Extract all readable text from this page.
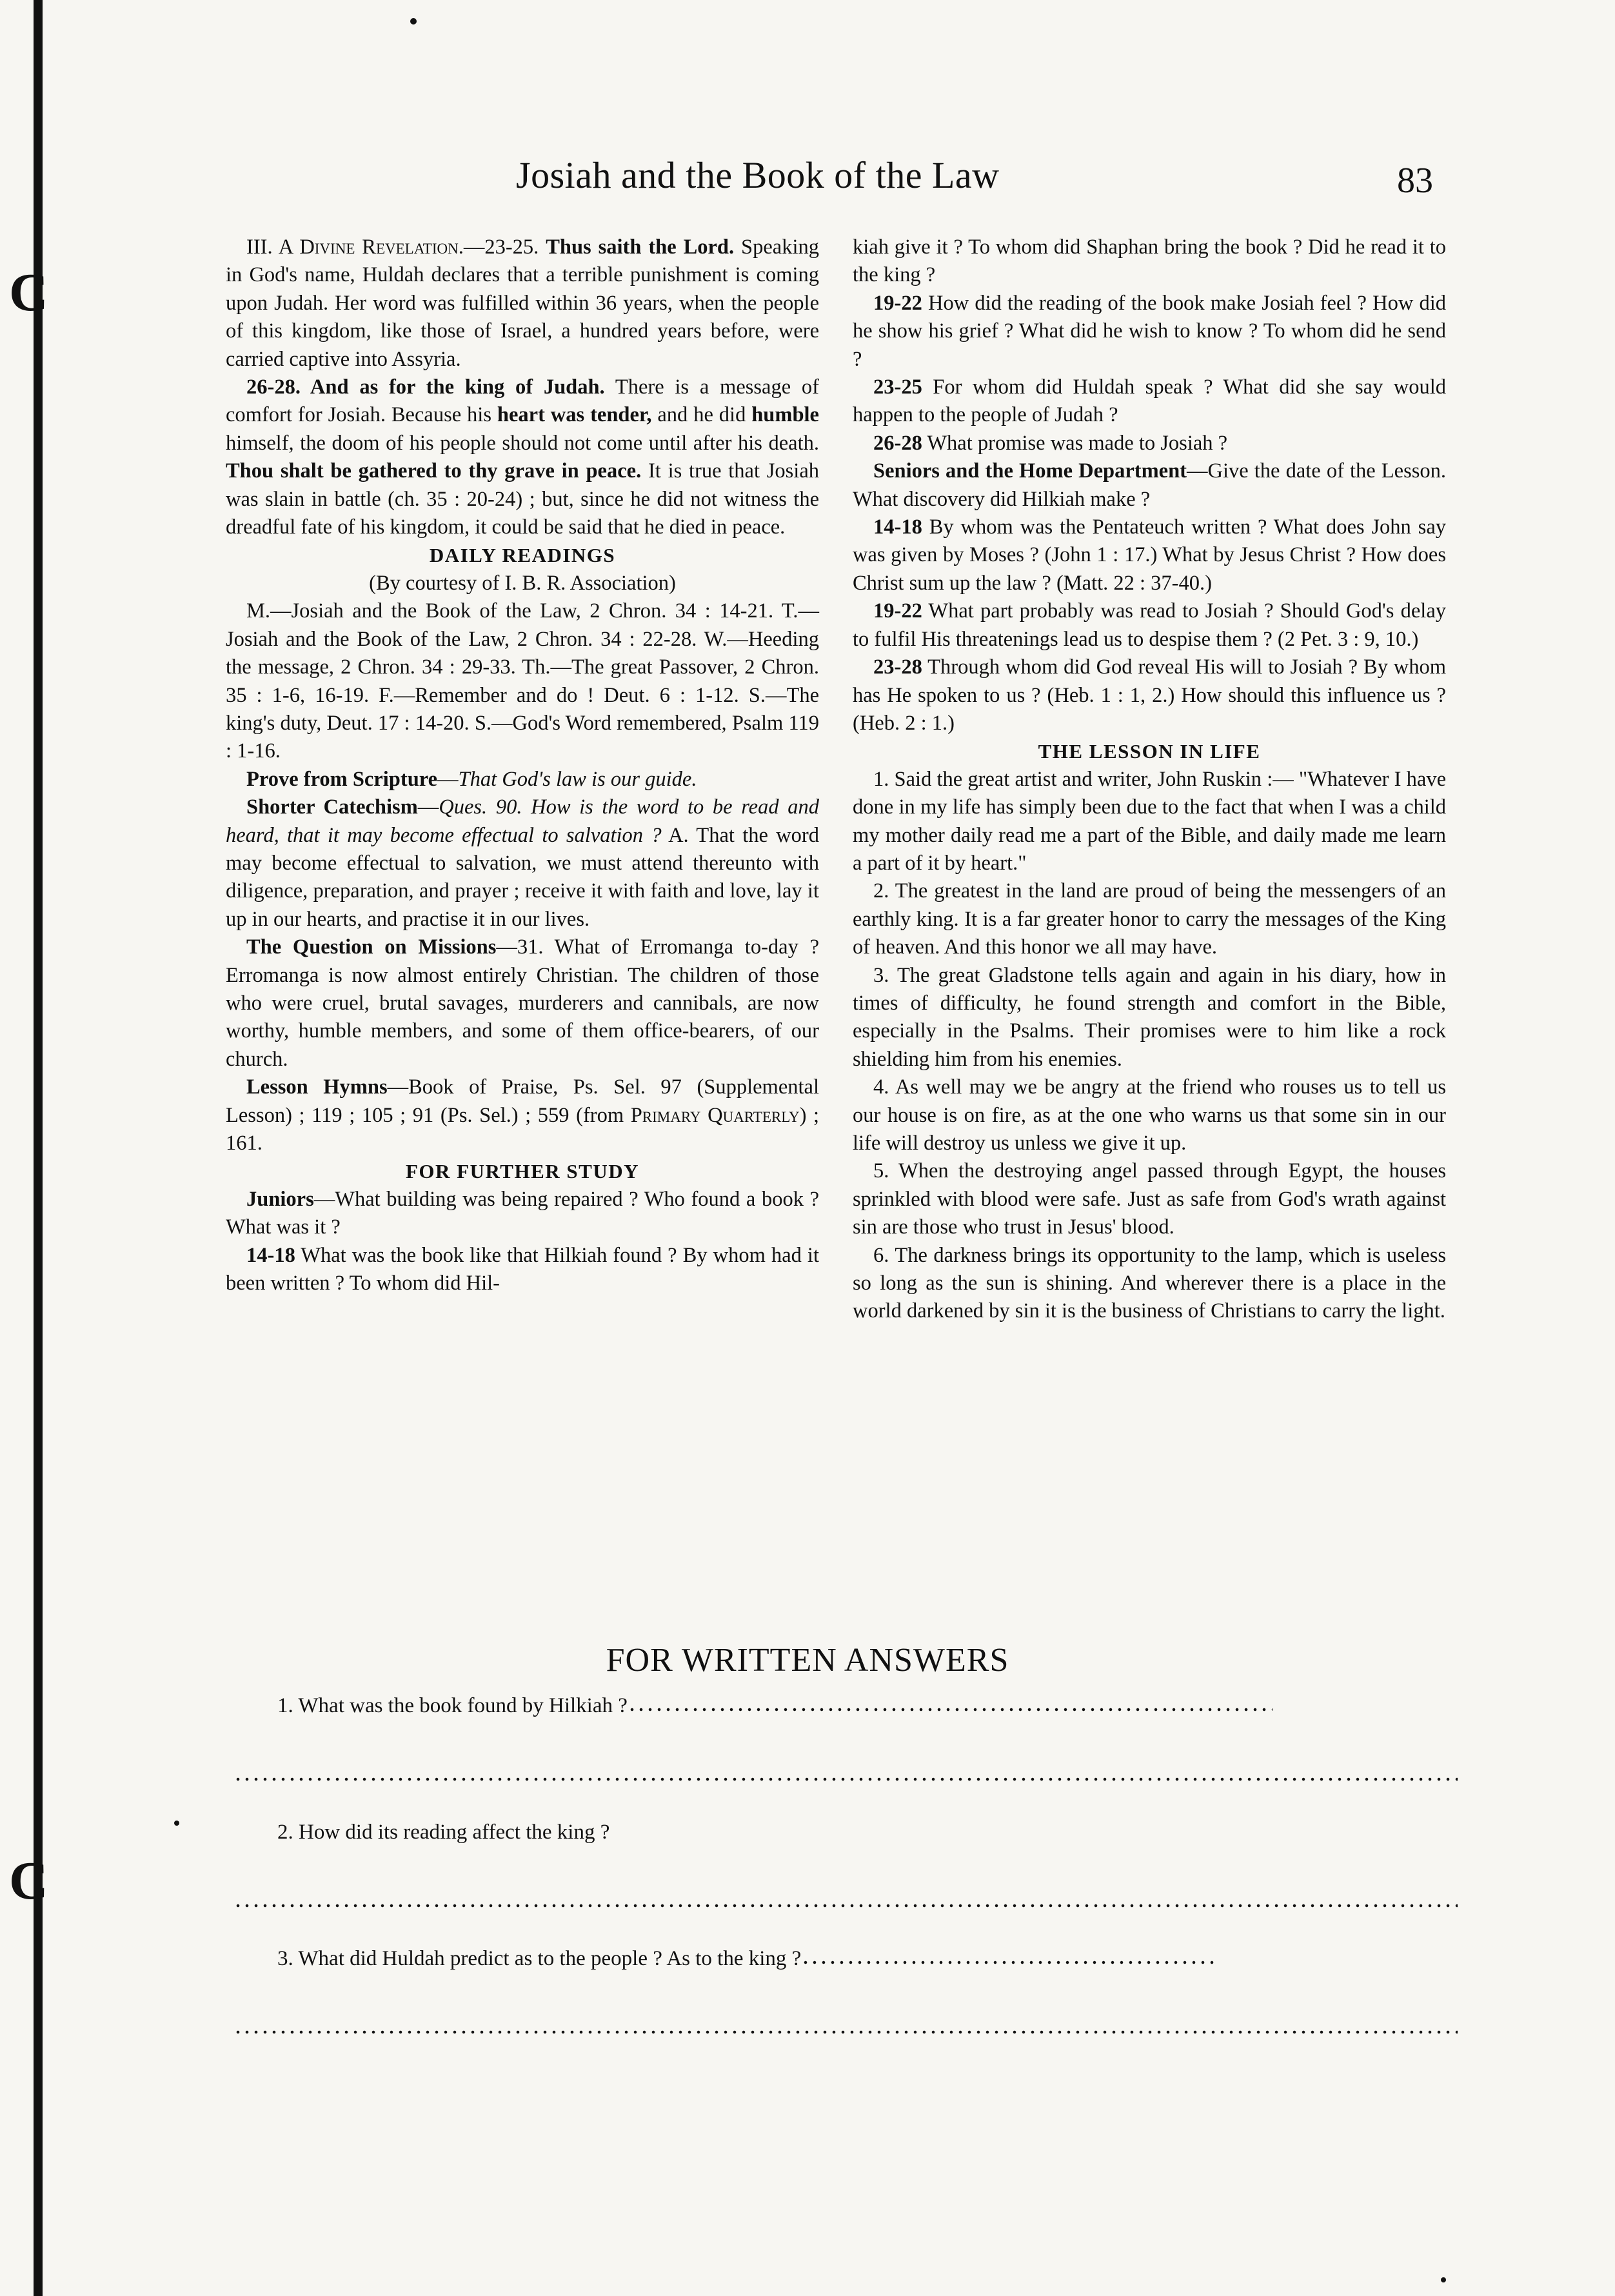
C
C
Josiah and the Book of the Law	83

III. A Divine Revelation.—23-25. Thus saith the Lord. Speaking in God's name, Huldah declares that a terrible punishment is coming upon Judah. Her word was fulfilled within 36 years, when the people of this kingdom, like those of Israel, a hundred years before, were carried captive into Assyria.

26-28. And as for the king of Judah. There is a message of comfort for Josiah. Because his heart was tender, and he did humble himself, the doom of his people should not come until after his death. Thou shalt be gathered to thy grave in peace. It is true that Josiah was slain in battle (ch. 35 : 20-24) ; but, since he did not witness the dreadful fate of his kingdom, it could be said that he died in peace.

DAILY READINGS

(By courtesy of I. B. R. Association)

M.—Josiah and the Book of the Law, 2 Chron. 34 : 14-21. T.—Josiah and the Book of the Law, 2 Chron. 34 : 22-28. W.—Heeding the message, 2 Chron. 34 : 29-33. Th.—The great Passover, 2 Chron. 35 : 1-6, 16-19. F.—Remember and do ! Deut. 6 : 1-12. S.—The king's duty, Deut. 17 : 14-20. S.—God's Word remembered, Psalm 119 : 1-16.

Prove from Scripture—That God's law is our guide.

Shorter Catechism—Ques. 90. How is the word to be read and heard, that it may become effectual to salvation ? A. That the word may become effectual to salvation, we must attend thereunto with diligence, preparation, and prayer ; receive it with faith and love, lay it up in our hearts, and practise it in our lives.

The Question on Missions—31. What of Erromanga to-day ? Erromanga is now almost entirely Christian. The children of those who were cruel, brutal savages, murderers and cannibals, are now worthy, humble members, and some of them office-bearers, of our church.

Lesson Hymns—Book of Praise, Ps. Sel. 97 (Supplemental Lesson) ; 119 ; 105 ; 91 (Ps. Sel.) ; 559 (from Primary Quarterly) ; 161.

FOR FURTHER STUDY

Juniors—What building was being repaired ? Who found a book ? What was it ?

14-18 What was the book like that Hilkiah found ? By whom had it been written ? To whom did Hil-

kiah give it ? To whom did Shaphan bring the book ? Did he read it to the king ?

19-22 How did the reading of the book make Josiah feel ? How did he show his grief ? What did he wish to know ? To whom did he send ?

23-25 For whom did Huldah speak ? What did she say would happen to the people of Judah ?

26-28 What promise was made to Josiah ?

Seniors and the Home Department—Give the date of the Lesson. What discovery did Hilkiah make ?

14-18 By whom was the Pentateuch written ? What does John say was given by Moses ? (John 1 : 17.) What by Jesus Christ ? How does Christ sum up the law ? (Matt. 22 : 37-40.)

19-22 What part probably was read to Josiah ? Should God's delay to fulfil His threatenings lead us to despise them ? (2 Pet. 3 : 9, 10.)

23-28 Through whom did God reveal His will to Josiah ? By whom has He spoken to us ? (Heb. 1 : 1, 2.) How should this influence us ? (Heb. 2 : 1.)

THE LESSON IN LIFE

1. Said the great artist and writer, John Ruskin :— "Whatever I have done in my life has simply been due to the fact that when I was a child my mother daily read me a part of the Bible, and daily made me learn a part of it by heart."

2. The greatest in the land are proud of being the messengers of an earthly king. It is a far greater honor to carry the messages of the King of heaven. And this honor we all may have.

3. The great Gladstone tells again and again in his diary, how in times of difficulty, he found strength and comfort in the Bible, especially in the Psalms. Their promises were to him like a rock shielding him from his enemies.

4. As well may we be angry at the friend who rouses us to tell us our house is on fire, as at the one who warns us that some sin in our life will destroy us unless we give it up.

5. When the destroying angel passed through Egypt, the houses sprinkled with blood were safe. Just as safe from God's wrath against sin are those who trust in Jesus' blood.

6. The darkness brings its opportunity to the lamp, which is useless so long as the sun is shining. And wherever there is a place in the world darkened by sin it is the business of Christians to carry the light.

FOR WRITTEN ANSWERS
1. What was the book found by Hilkiah ?
2. How did its reading affect the king ?
3. What did Huldah predict as to the people ? As to the king ?
